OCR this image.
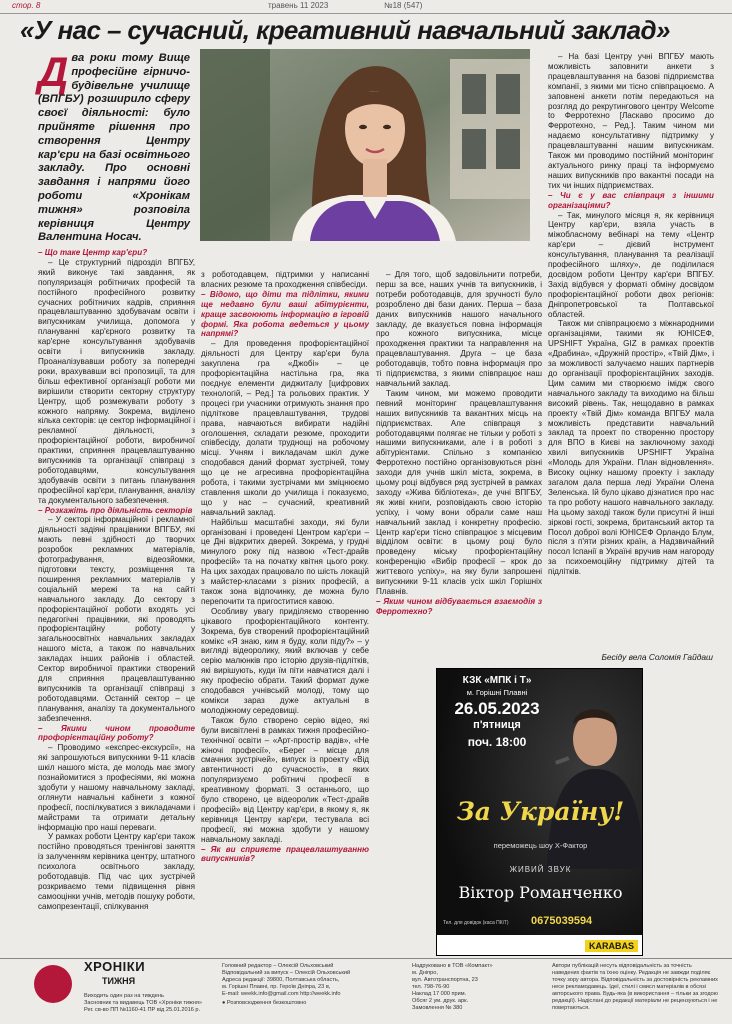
стор. 8	травень 11 2023	№18 (547)
«У нас – сучасний, креативний навчальний заклад»
Два роки тому Вище професійне гірничо-будівельне училище (ВПГБУ) розширило сферу своєї діяльності: було прийняте рішення про створення Центру кар'єри на базі освітнього закладу. Про основні завдання і напрями його роботи «Хронікам тижня» розповіла керівниця Центру Валентина Носач.

– Що таке Центр кар'єри?

– Це структурний підрозділ ВПГБУ, який виконує такі завдання, як популяризація робітничих професій та постійного професійного розвитку сучасних робітничих кадрів, сприяння працевлаштуванню здобувачам освіти і випускникам училища, допомога у плануванні кар'єрного розвитку та кар'єрне консультування здобувачів освіти і випускників закладу. Проаналізувавши роботу за попередні роки, врахувавши всі пропозиції, та для більш ефективної організації роботи ми вирішили створити секторну структуру Центру, щоб розмежувати роботу з кожного напряму. Зокрема, виділено кілька секторів: це сектор інформаційної і рекламної діяльності, з профорієнтаційної роботи, виробничої практики, сприяння працевлаштуванню випускників та організації співпраці з роботодавцями, консультування здобувачів освіти з питань планування професійної кар'єри, планування, аналізу та документального забезпечення.

– Розкажіть про діяльність секторів

– У секторі інформаційної і рекламної діяльності задіяні працівники ВПГБУ, які мають певні здібності до творчих розробок рекламних матеріалів, фотографування, відеозйомки, підготовки тексту, розміщення та поширення рекламних матеріалів у соціальній мережі та на сайті навчального закладу. До сектору з профорієнтаційної роботи входять усі педагогічні працівники, які проводять профорієнтаційну роботу у загальноосвітніх навчальних закладах нашого міста, а також по навчальних закладах інших районів і областей. Сектор виробничої практики створений для сприяння працевлаштуванню випускників та організації співпраці з роботодавцями. Останній сектор – це планування, аналізу та документального забезпечення.

– Якими чином проводите профорієнтаційну роботу?

– Проводимо «експрес-екскурсії», на які запрошуються випускники 9-11 класів шкіл нашого міста, де молодь має змогу познайомитися з професіями, які можна здобути у нашому навчальному закладі, оглянути навчальні кабінети з кожної професії, поспілкуватися з викладачами і майстрами та отримати детальну інформацію про наші переваги.

У рамках роботи Центру кар'єри також постійно проводяться тренінгові заняття із залученням керівника центру, штатного психолога освітнього закладу, роботодавців. Під час цих зустрічей розкриваємо теми підвищення рівня самооцінки учнів, методів пошуку роботи, самопрезентації, спілкування

з роботодавцем, підтримки у написанні власних резюме та проходження співбесіди.

– Відомо, що діти та підлітки, якими ще недавно були ваші абітурієнти, краще засвоюють інформацію в ігровій формі. Яка робота ведеться у цьому напрямі?

– Для проведення профорієнтаційної діяльності для Центру кар'єри була закуплена гра «Джобі» – це профорієнтаційна настільна гра, яка поєднує елементи диджиталу [цифрових технологій, – Ред.] та рольових практик. У процесі гри учасники отримують знання про підліткове працевлаштування, трудові права, навчаються вибирати надійні оголошення, складати резюме, проходити співбесіду, долати труднощі на робочому місці. Учням і викладачам шкіл дуже сподобався даний формат зустрічей, тому що це не агресивна профорієнтаційна робота, і такими зустрічами ми зміцнюємо ставлення школи до училища і показуємо, що у нас – сучасний, креативний навчальний заклад.

Найбільш масштабні заходи, які були організовані і проведені Центром кар'єри – це Дні відкритих дверей. Зокрема, у грудні минулого року під назвою «Тест-драйв професій» та на початку квітня цього року. На цих заходах працювало по шість локацій з майстер-класами з різних професій, а також зона відпочинку, де можна було перепочити та пригоститися кавою.

Особливу увагу приділяємо створенню цікавого профорієнтаційного контенту. Зокрема, був створений профорієнтаційний комікс «Я знаю, ким я буду, коли піду?» – у вигляді відеоролику, який включав у себе серію малюнків про історію друзів-підлітків, які вирішують, куди їм піти навчатися далі і яку професію обрати. Такий формат дуже сподобався учнівській молоді, тому що комікси зараз дуже актуальні в молодіжному середовищі.

Також було створено серію відео, які були висвітлені в рамках тижня професійно-технічної освіти – «Арт-простір вадів», «Не жіночі професії», «Берег – місце для смачних зустрічей», випуск із проекту «Від автентичності до сучасності», в яких популяризуємо робітничі професії в креативному форматі. З останнього, що було створено, це відеоролик «Тест-драйв професій» від Центру кар'єри, в якому я, як керівниця Центру кар'єри, тестувала всі професії, які можна здобути у нашому навчальному закладі.

– Як ви сприяєте працевлаштуванню випускників?

– Для того, щоб задовільнити потреби, перш за все, наших учнів та випускників, і потреби роботодавців, для зручності було розроблено дві бази даних. Перша – база даних випускників нашого начального закладу, де вказується повна інформація про кожного випускника, місце проходження практики та направлення на працевлаштування. Друга – це база роботодавців, тобто повна інформація про ті підприємства, з якими співпрацює наш навчальний заклад.

Таким чином, ми можемо проводити певний моніторинг працевлаштування наших випускників та вакантних місць на підприємствах. Але співпраця з роботодавцями полягає не тільки у роботі з нашими випускниками, але і в роботі з абітурієнтами. Спільно з компанією Ферротехно постійно організовуються різні заходи для учнів шкіл міста, зокрема, в цьому році відбувся ряд зустрічей в рамках заходу «Жива бібліотека», де учні ВПГБУ, як живі книги, розповідають свою історію успіху, і чому вони обрали саме наш навчальний заклад і конкретну професію. Центр кар'єри тісно співпрацює з місцевим відділом освіти: в цьому році було проведену міську профорієнтаційну конференцію «Вибір професії – крок до життєвого успіху», на яку були запрошені випускники 9-11 класів усіх шкіл Горішніх Плавнів.

– Яким чином відбувається взаємодія з Ферротехно?

– На базі Центру учні ВПГБУ мають можливість заповнити анкети з працевлаштування на базові підприємства компанії, з якими ми тісно співпрацюємо. А заповнені анкети потім передаються на розгляд до рекрутингового центру Welcome to Ферротехно [Ласкаво просимо до Ферротехно, – Ред.]. Таким чином ми надаємо консультативну підтримку у працевлаштуванні нашим випускникам. Також ми проводимо постійний моніторинг актуального ринку праці та інформуємо наших випускників про вакантні посади на тих чи інших підприємствах.

– Чи є у вас співпраця з іншими організаціями?

– Так, минулого місяця я, як керівниця Центру кар'єри, взяла участь в міжобласному вебінарі на тему «Центр кар'єри – дієвий інструмент консультування, планування та реалізації професійного шляху», де поділилася досвідом роботи Центру кар'єри ВПГБУ. Захід відбувся у форматі обміну досвідом профорієнтаційної роботи двох регіонів: Дніпропетровської та Полтавської областей.

Також ми співпрацюємо з міжнародними організаціями, такими як ЮНІСЕФ, UPSHIFT Україна, GIZ в рамках проектів «Драбина», «Дружній простір», «Твій Дім», і за можливості залучаємо наших партнерів до організації профорієнтаційних заходів. Цим самим ми створюємо імідж свого навчального закладу та виходимо на більш високий рівень. Так, нещодавно в рамках проекту «Твій Дім» команда ВПГБУ мала можливість представити навчальний заклад та проект по створенню простору для ВПО в Києві на заключному заході хвилі випускників UPSHIFT Україна «Молодь для України. План відновлення». Високу оцінку нашому проекту і закладу загалом дала перша леді України Олена Зеленська. Ій було цікаво дізнатися про нас та про роботу нашого навчального закладу. На цьому заході також були присутні й інші зіркові гості, зокрема, британський актор та Посол доброї волі ЮНІСЕФ Орландо Блум, після з п'яти різних країн, а Надзвичайний посол Іспанії в Україні вручив нам нагороду за психоемоційну підтримку дітей та підлітків.

Бесіду вела Соломія Гайдаш
КЗК «МПК і Т»
м. Горішні Плавні
26.05.2023
п'ятниця
поч. 18:00
За Україну!
переможець шоу Х-Фактор
ЖИВИЙ ЗВУК
Віктор Романченко
Тел. для довідок (каса ПКіТ)	0675039594
KARABAS
ХРОНІКИ
ТИЖНЯ
Виходить один раз на тиждень
Засновник та видавець ТОВ «Хроніки тижня»
Рег. св-во ПП №1160-41 ПР від 25.01.2016 р.
Головний редактор – Олексій Ольховський
Відповідальний за випуск – Олексій Ольховський
Адреса редакції: 39800, Полтавська область,
м. Горішні Плавні, пр. Героїв Дніпра, 23 в,
E-mail: weekk.info@gmail.com http://weekk.info
● Розповсюдження безкоштовно
Надруковано в ТОВ «Компакт»
м. Дніпро,
вул. Автотранспортна, 23
тел. 798-76-90
Наклад 17 000 прим.
Обсяг 2 ум. друк. арк.
Замовлення № 380
Автори публікацій несуть відповідальність за точність наведених фактів та їхню оцінку. Редакція не завжди поділяє точку зору автора. Відповідальність за достовірність рекламних несе рекламодавець. Ідеї, стилі і смисл матеріалів в обсязі авторського права. Будь-яка (в використання – тільки за згодою редакції). Надіслані до редакції матеріали не рецензуються і не повертаються.
